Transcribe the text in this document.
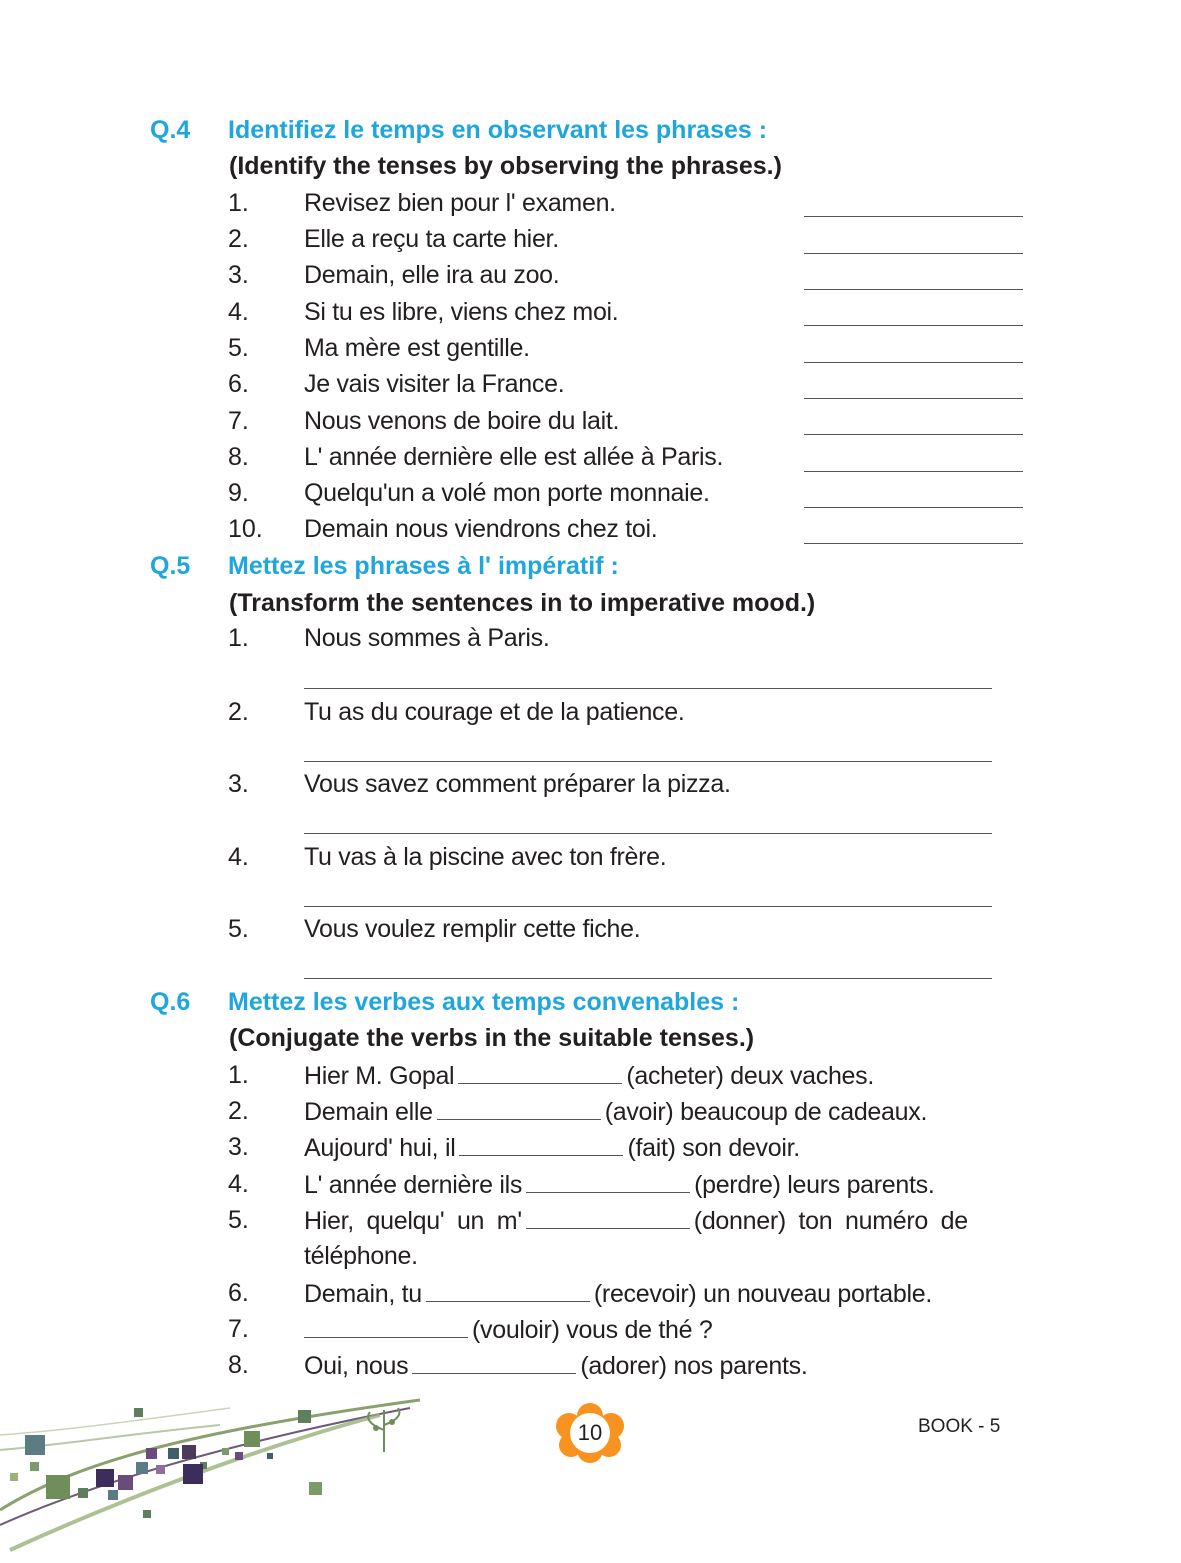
Q.4 Identifiez le temps en observant les phrases :
(Identify the tenses by observing the phrases.)
1. Revisez bien pour l' examen.
2. Elle a reçu ta carte hier.
3. Demain, elle ira au zoo.
4. Si tu es libre, viens chez moi.
5. Ma mère est gentille.
6. Je vais visiter la France.
7. Nous venons de boire du lait.
8. L' année dernière elle est allée à Paris.
9. Quelqu'un a volé mon porte monnaie.
10. Demain nous viendrons chez toi.
Q.5 Mettez les phrases à l' impératif :
(Transform the sentences in to imperative mood.)
1. Nous sommes à Paris.
2. Tu as du courage et de la patience.
3. Vous savez comment préparer la pizza.
4. Tu vas à la piscine avec ton frère.
5. Vous voulez remplir cette fiche.
Q.6 Mettez les verbes aux temps convenables :
(Conjugate the verbs in the suitable tenses.)
1. Hier M. Gopal	(acheter) deux vaches.
2. Demain elle	(avoir) beaucoup de cadeaux.
3. Aujourd' hui, il	(fait) son devoir.
4. L' année dernière ils	(perdre) leurs parents.
5. Hier, quelqu' un m'	(donner) ton numéro de
téléphone.
6. Demain, tu	(recevoir) un nouveau portable.
7.	(vouloir) vous de thé ?
8. Oui, nous	(adorer) nos parents.
10	BOOK - 5
